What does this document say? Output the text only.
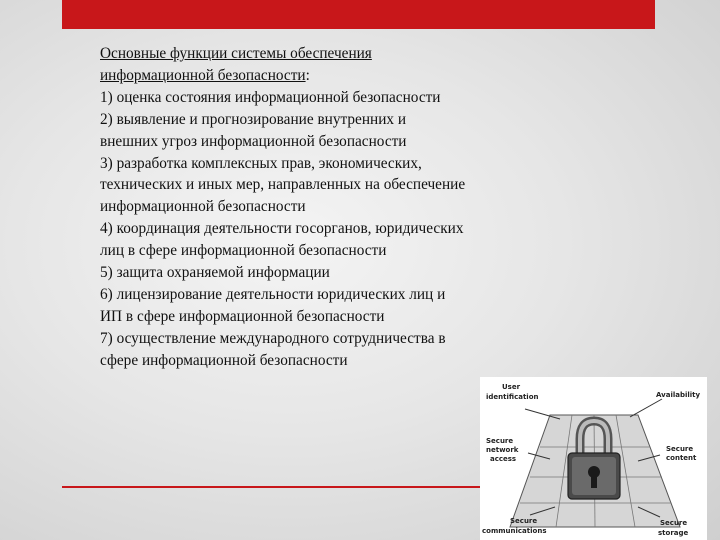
Основные функции системы обеспечения
информационной безопасности:
1) оценка состояния информационной безопасности
2) выявление и прогнозирование внутренних и
внешних угроз информационной безопасности
3) разработка комплексных прав, экономических,
технических и иных мер, направленных на обеспечение
информационной безопасности
4) координация деятельности госорганов, юридических
лиц в сфере информационной безопасности
5) защита охраняемой информации
6) лицензирование деятельности юридических лиц и
ИП в сфере информационной безопасности
7) осуществление международного сотрудничества в
сфере информационной безопасности
User
identification	Availability
Secure
network
access
Secure
content
Secure
communications
Secure
storage
